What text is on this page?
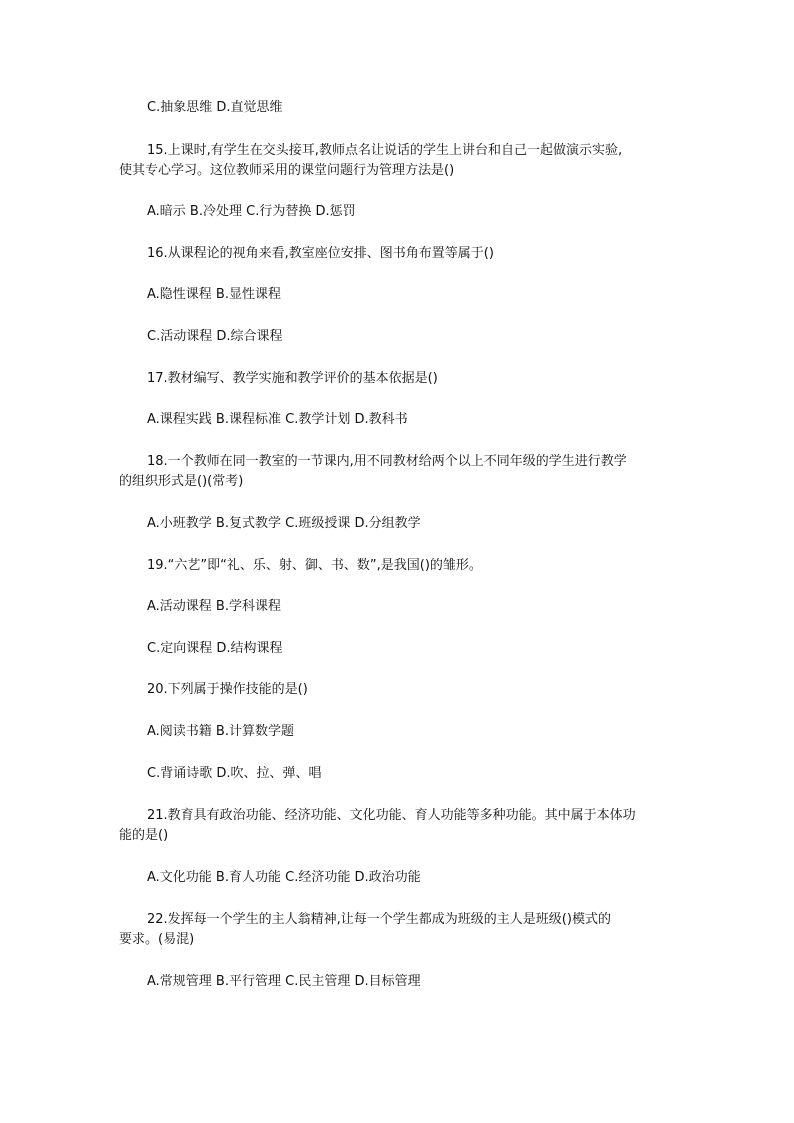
C.抽象思维 D.直觉思维
15.上课时,有学生在交头接耳,教师点名让说话的学生上讲台和自己一起做演示实验,
使其专心学习。这位教师采用的课堂问题行为管理方法是()
A.暗示 B.冷处理 C.行为替换 D.惩罚
16.从课程论的视角来看,教室座位安排、图书角布置等属于()
A.隐性课程 B.显性课程
C.活动课程 D.综合课程
17.教材编写、教学实施和教学评价的基本依据是()
A.课程实践 B.课程标准 C.教学计划 D.教科书
18.一个教师在同一教室的一节课内,用不同教材给两个以上不同年级的学生进行教学
的组织形式是()(常考)
A.小班教学 B.复式教学 C.班级授课 D.分组教学
19.“六艺”即“礼、乐、射、御、书、数”,是我国()的雏形。
A.活动课程 B.学科课程
C.定向课程 D.结构课程
20.下列属于操作技能的是()
A.阅读书籍 B.计算数学题
C.背诵诗歌 D.吹、拉、弹、唱
21.教育具有政治功能、经济功能、文化功能、育人功能等多种功能。其中属于本体功
能的是()
A.文化功能 B.育人功能 C.经济功能 D.政治功能
22.发挥每一个学生的主人翁精神,让每一个学生都成为班级的主人是班级()模式的
要求。(易混)
A.常规管理 B.平行管理 C.民主管理 D.目标管理
